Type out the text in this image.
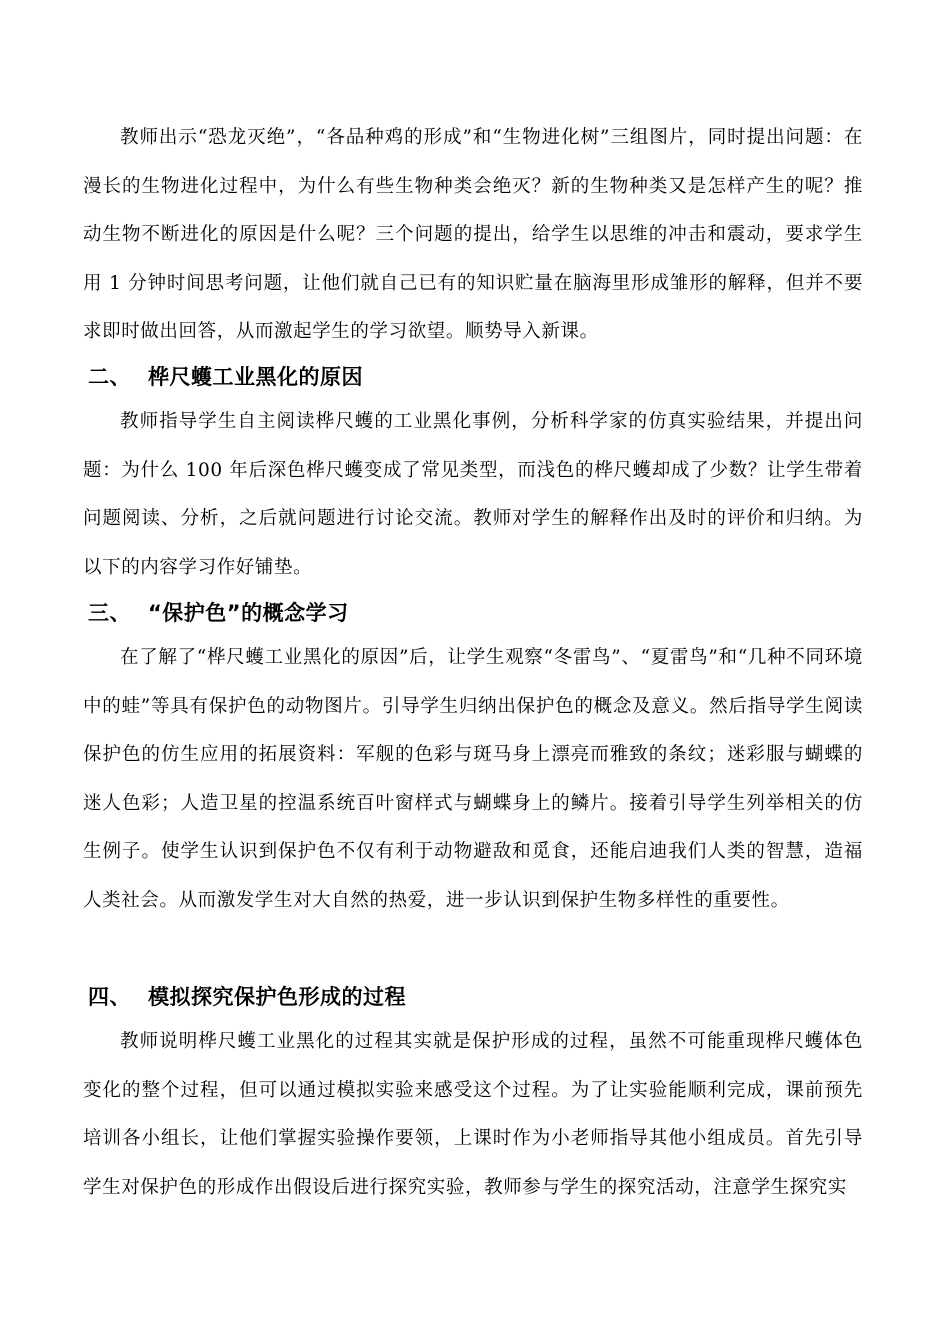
教师出示“恐龙灭绝”，“各品种鸡的形成”和“生物进化树”三组图片，同时提出问题：在漫长的生物进化过程中，为什么有些生物种类会绝灭？新的生物种类又是怎样产生的呢？推动生物不断进化的原因是什么呢？三个问题的提出，给学生以思维的冲击和震动，要求学生用 1 分钟时间思考问题，让他们就自己已有的知识贮量在脑海里形成雏形的解释，但并不要求即时做出回答，从而激起学生的学习欲望。顺势导入新课。

二、 桦尺蠖工业黑化的原因

教师指导学生自主阅读桦尺蠖的工业黑化事例，分析科学家的仿真实验结果，并提出问题：为什么 100 年后深色桦尺蠖变成了常见类型，而浅色的桦尺蠖却成了少数？让学生带着问题阅读、分析，之后就问题进行讨论交流。教师对学生的解释作出及时的评价和归纳。为以下的内容学习作好铺垫。

三、 “保护色”的概念学习

在了解了“桦尺蠖工业黑化的原因”后，让学生观察“冬雷鸟”、“夏雷鸟”和“几种不同环境中的蛙”等具有保护色的动物图片。引导学生归纳出保护色的概念及意义。然后指导学生阅读保护色的仿生应用的拓展资料：军舰的色彩与斑马身上漂亮而雅致的条纹；迷彩服与蝴蝶的迷人色彩；人造卫星的控温系统百叶窗样式与蝴蝶身上的鳞片。接着引导学生列举相关的仿生例子。使学生认识到保护色不仅有利于动物避敌和觅食，还能启迪我们人类的智慧，造福人类社会。从而激发学生对大自然的热爱，进一步认识到保护生物多样性的重要性。

四、 模拟探究保护色形成的过程

教师说明桦尺蠖工业黑化的过程其实就是保护形成的过程，虽然不可能重现桦尺蠖体色变化的整个过程，但可以通过模拟实验来感受这个过程。为了让实验能顺利完成，课前预先培训各小组长，让他们掌握实验操作要领，上课时作为小老师指导其他小组成员。首先引导学生对保护色的形成作出假设后进行探究实验，教师参与学生的探究活动，注意学生探究实
